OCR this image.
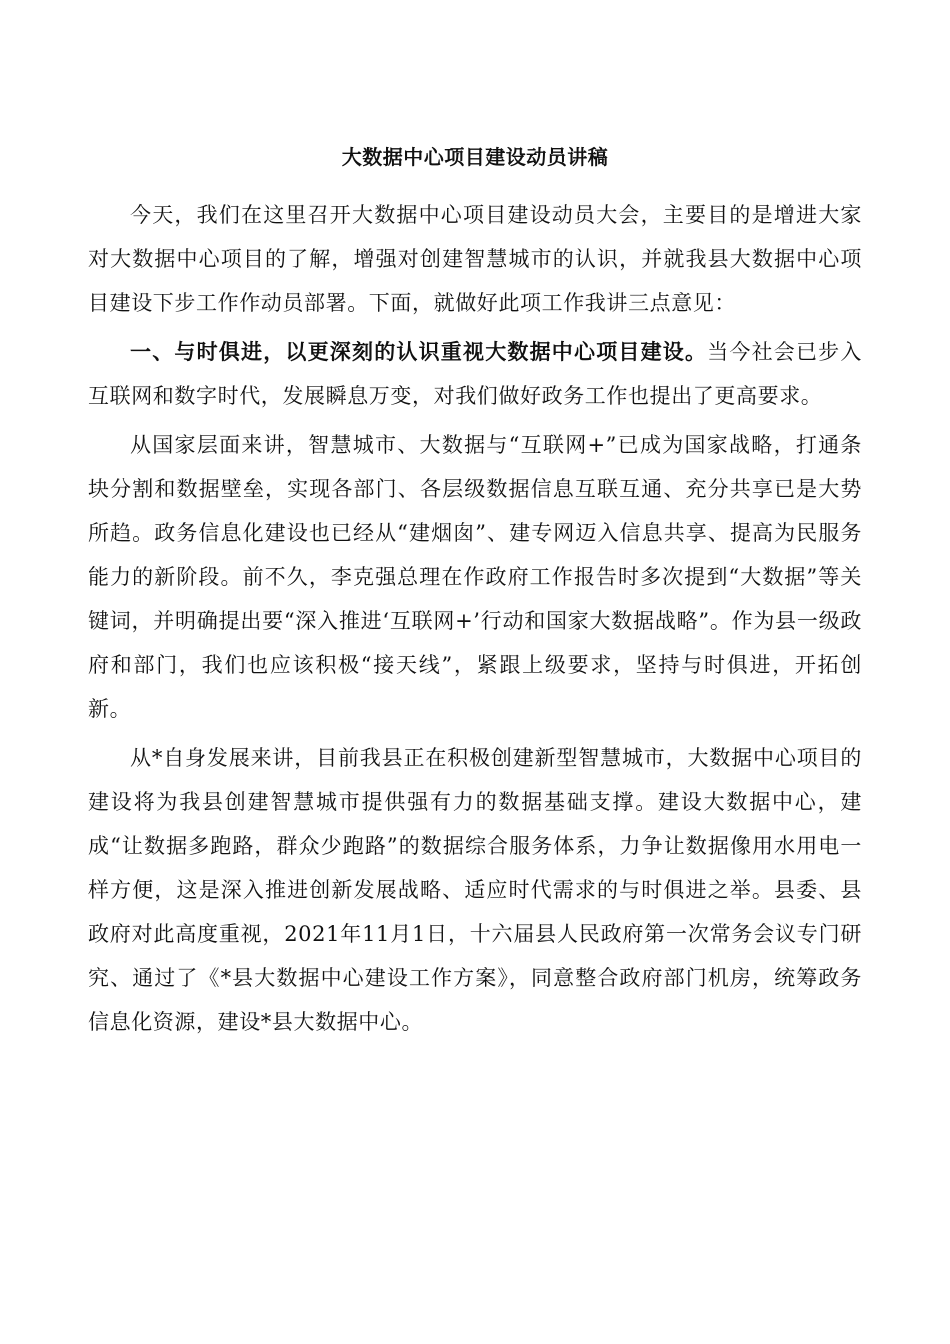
大数据中心项目建设动员讲稿

今天，我们在这里召开大数据中心项目建设动员大会，主要目的是增进大家对大数据中心项目的了解，增强对创建智慧城市的认识，并就我县大数据中心项目建设下步工作作动员部署。下面，就做好此项工作我讲三点意见：

一、与时俱进，以更深刻的认识重视大数据中心项目建设。当今社会已步入互联网和数字时代，发展瞬息万变，对我们做好政务工作也提出了更高要求。

从国家层面来讲，智慧城市、大数据与“互联网+”已成为国家战略，打通条块分割和数据壁垒，实现各部门、各层级数据信息互联互通、充分共享已是大势所趋。政务信息化建设也已经从“建烟囱”、建专网迈入信息共享、提高为民服务能力的新阶段。前不久，李克强总理在作政府工作报告时多次提到“大数据”等关键词，并明确提出要“深入推进‘互联网+’行动和国家大数据战略”。作为县一级政府和部门，我们也应该积极“接天线”，紧跟上级要求，坚持与时俱进，开拓创新。

从*自身发展来讲，目前我县正在积极创建新型智慧城市，大数据中心项目的建设将为我县创建智慧城市提供强有力的数据基础支撑。建设大数据中心，建成“让数据多跑路，群众少跑路”的数据综合服务体系，力争让数据像用水用电一样方便，这是深入推进创新发展战略、适应时代需求的与时俱进之举。县委、县政府对此高度重视，2021年11月1日，十六届县人民政府第一次常务会议专门研究、通过了《*县大数据中心建设工作方案》，同意整合政府部门机房，统筹政务信息化资源，建设*县大数据中心。
